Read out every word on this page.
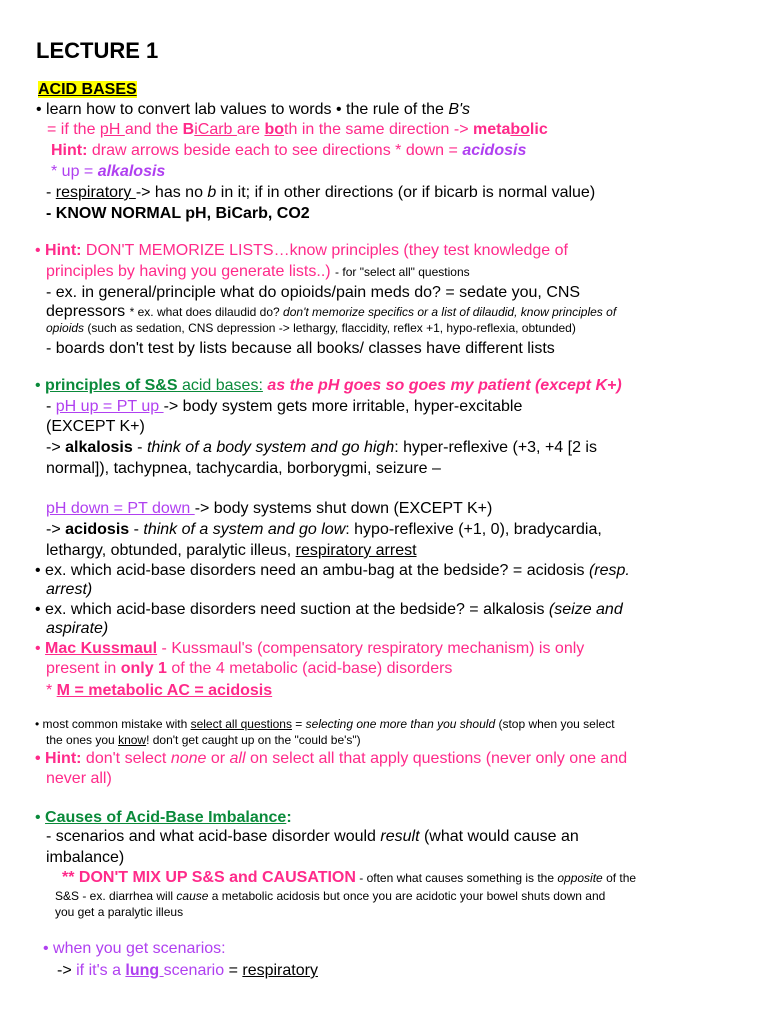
LECTURE 1
ACID BASES
• learn how to convert lab values to words • the rule of the B's
= if the pH and the BiCarb are both in the same direction -> metabolic
Hint: draw arrows beside each to see directions * down = acidosis
* up = alkalosis
- respiratory -> has no b in it; if in other directions (or if bicarb is normal value)
- KNOW NORMAL pH, BiCarb, CO2
• Hint: DON'T MEMORIZE LISTS…know principles (they test knowledge of
principles by having you generate lists..) - for "select all" questions
- ex. in general/principle what do opioids/pain meds do? = sedate you, CNS
depressors * ex. what does dilaudid do? don't memorize specifics or a list of dilaudid, know principles of
opioids (such as sedation, CNS depression -> lethargy, flaccidity, reflex +1, hypo-reflexia, obtunded)
- boards don't test by lists because all books/ classes have different lists
• principles of S&S acid bases: as the pH goes so goes my patient (except K+)
- pH up = PT up -> body system gets more irritable, hyper-excitable
(EXCEPT K+)
-> alkalosis - think of a body system and go high: hyper-reflexive (+3, +4 [2 is
normal]), tachypnea, tachycardia, borborygmi, seizure –
pH down = PT down -> body systems shut down (EXCEPT K+)
-> acidosis - think of a system and go low: hypo-reflexive (+1, 0), bradycardia,
lethargy, obtunded, paralytic illeus, respiratory arrest
• ex. which acid-base disorders need an ambu-bag at the bedside? = acidosis (resp.
arrest)
• ex. which acid-base disorders need suction at the bedside? = alkalosis (seize and
aspirate)
• Mac Kussmaul - Kussmaul's (compensatory respiratory mechanism) is only
present in only 1 of the 4 metabolic (acid-base) disorders
* M = metabolic AC = acidosis
• most common mistake with select all questions = selecting one more than you should (stop when you select
the ones you know! don't get caught up on the "could be's")
• Hint: don't select none or all on select all that apply questions (never only one and
never all)
• Causes of Acid-Base Imbalance:
- scenarios and what acid-base disorder would result (what would cause an
imbalance)
** DON'T MIX UP S&S and CAUSATION - often what causes something is the opposite of the
S&S - ex. diarrhea will cause a metabolic acidosis but once you are acidotic your bowel shuts down and
you get a paralytic illeus
• when you get scenarios:
-> if it's a lung scenario = respiratory
